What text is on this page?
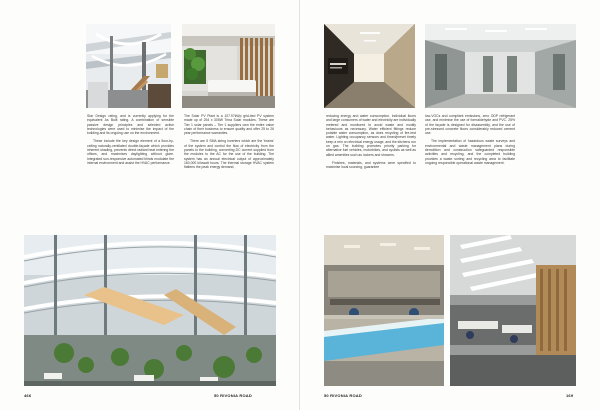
Star Design rating, and is currently applying for the equivalent As Built rating. A combination of sensible passive design principles and selected active technologies were used to minimise the impact of the building and its ongoing use on the environment.

These include the key design element of a floor-by-ceiling naturally-ventilated double-façade which provides inherent shading, prevents direct radiant heat entering the offices, and maximises daylighting without glare. Integrated sun-responsive automated blinds modulate the internal environment and assist the HVAC performance.

The Solar PV Plant is a 107.97kWp grid-tied PV system made up of 254 x 305W Trina Solar modules. These are Tier 1 solar panels – Tier 1 suppliers own the entire value chain of their business to ensure quality and offer 25 to 26 year performance warranties.

There are 5 SMA string inverters which are the 'brains' of the system and control the flow of electricity from the panels to the building, converting DC current supplied from the modules to the AC for the use of the building. The system has an annual electrical output of approximately 160,000 kilowatt hours. The thermal storage HVAC system flattens the peak energy demand,

466	50 RIVONIA ROAD

reducing energy and water consumption. Individual floors and large consumers of water and electricity are individually metered and monitored to avoid waste and modify behaviours as necessary. Water efficient fittings reduce potable water consumption, as does recycling of fire-test water. Lighting occupancy sensors and timed/preset timely keep a rein on electrical energy usage, and the kitchens run on gas. The building promotes priority parking for alternative fuel vehicles, motorbikes, and cyclists as well as allied amenities such as lockers and showers.

Finishes, materials, and systems were specified to maximise local sourcing, guarantee

low-VOCs and compliant emissions, zero ODP refrigerant use, and minimise the use of formaldehyde and PVC. 25% of the façade is designed for disassembly, and the use of pre-stressed concrete floors considerably reduced cement use.

The implementation of hazardous waste surveys and environmental and waste management plans during demolition and construction safeguarded responsible activities and recycling, and the completed building provides a waste sorting and recycling area to facilitate ongoing responsible operational waste management.

50 RIVONIA ROAD	169
